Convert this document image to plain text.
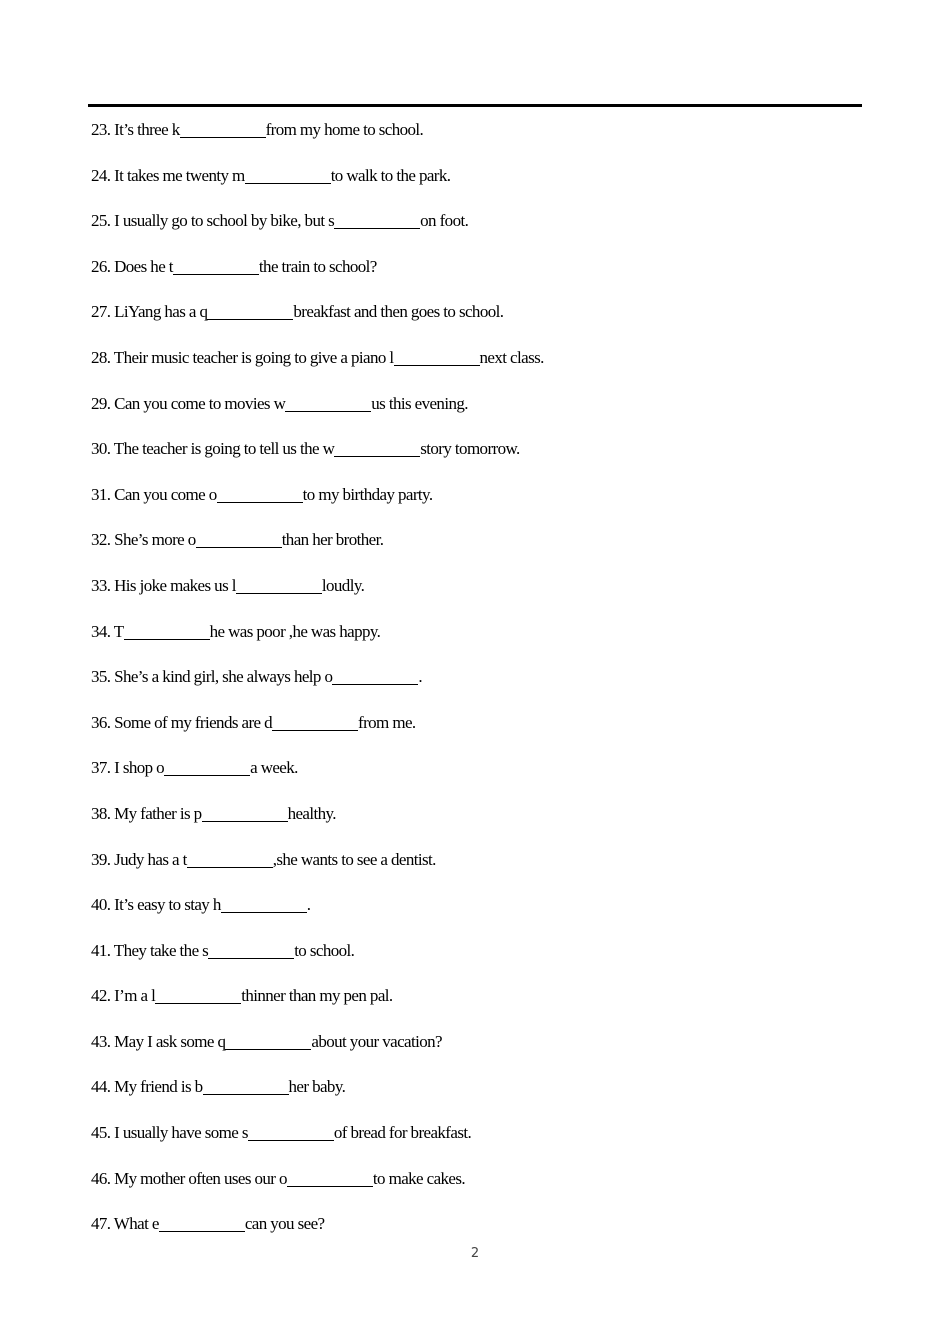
23. It’s three k	from my home to school.
24. It takes me twenty m	to walk to the park.
25. I usually go to school by bike, but s	on foot.
26. Does he t	the train to school?
27. LiYang has a q	breakfast and then goes to school.
28. Their music teacher is going to give a piano l	next class.
29. Can you come to movies w	us this evening.
30. The teacher is going to tell us the w	story tomorrow.
31. Can you come o	to my birthday party.
32. She’s more o	than her brother.
33. His joke makes us l	loudly.
34. T	he was poor ,he was happy.
35. She’s a kind girl, she always help o	.
36. Some of my friends are d	from me.
37. I shop o	a week.
38. My father is p	healthy.
39. Judy has a t	,she wants to see a dentist.
40. It’s easy to stay h	.
41. They take the s	to school.
42. I’m a l	thinner than my pen pal.
43. May I ask some q	about your vacation?
44. My friend is b	her baby.
45. I usually have some s	of bread for breakfast.
46. My mother often uses our o	to make cakes.
47. What e	can you see?
2
